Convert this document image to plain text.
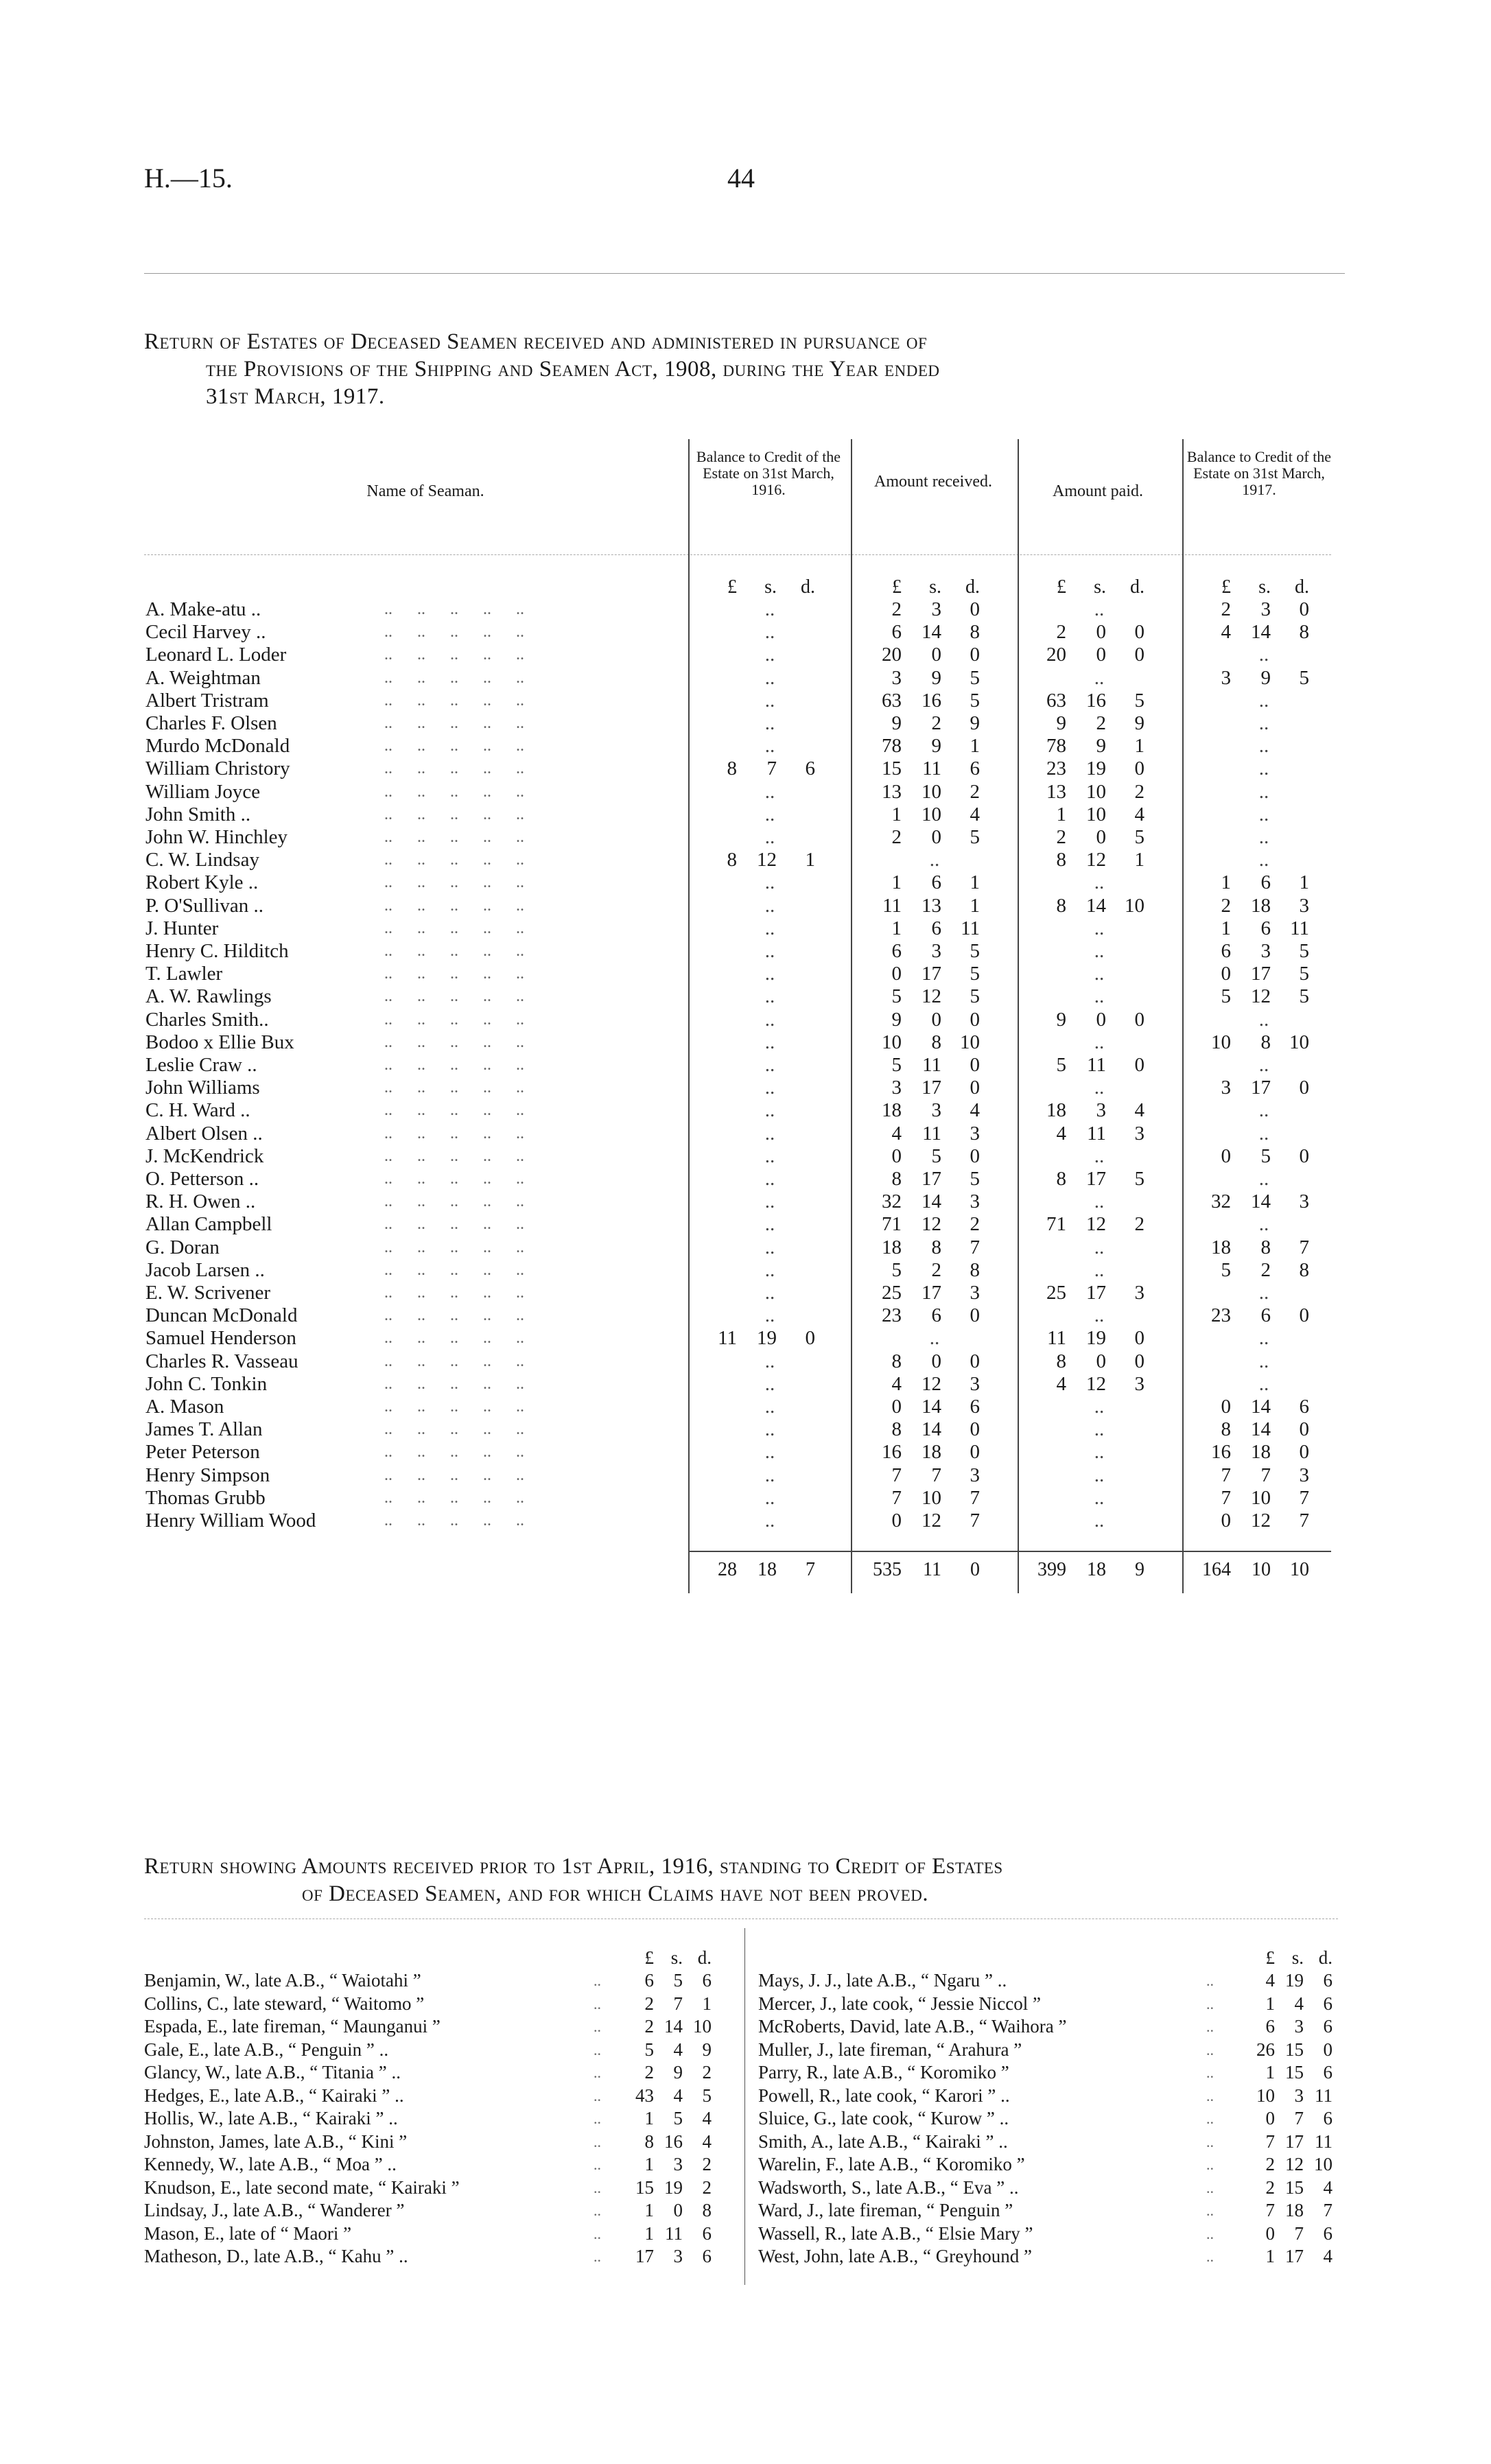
H.—15.	44
Return of Estates of Deceased Seamen received and administered in pursuance of
the Provisions of the Shipping and Seamen Act, 1908, during the Year ended
31st March, 1917.
Name of Seaman.
Balance to Credit of the Estate on 31st March, 1916.	Amount received.
Amount paid.
Balance to Credit of the Estate on 31st March, 1917.
£	s.	d.	£	s.	d.	£	s.	d.	£	s.	d.
A. Make-atu ..	..      ..      ..      ..      ..	..	2	3	0	..	2	3	0
Cecil Harvey ..	..      ..      ..      ..      ..	..	6	14	8	2	0	0	4	14	8
Leonard L. Loder	..      ..      ..      ..      ..	..	20	0	0	20	0	0	..
A. Weightman	..      ..      ..      ..      ..	..	3	9	5	..	3	9	5
Albert Tristram	..      ..      ..      ..      ..	..	63	16	5	63	16	5	..
Charles F. Olsen	..      ..      ..      ..      ..	..	9	2	9	9	2	9	..
Murdo McDonald	..      ..      ..      ..      ..	..	78	9	1	78	9	1	..
William Christory	..      ..      ..      ..      ..	8	7	6	15	11	6	23	19	0	..
William Joyce	..      ..      ..      ..      ..	..	13	10	2	13	10	2	..
John Smith ..	..      ..      ..      ..      ..	..	1	10	4	1	10	4	..
John W. Hinchley	..      ..      ..      ..      ..	..	2	0	5	2	0	5	..
C. W. Lindsay	..      ..      ..      ..      ..	8	12	1	..	8	12	1	..
Robert Kyle ..	..      ..      ..      ..      ..	..	1	6	1	..	1	6	1
P. O'Sullivan ..	..      ..      ..      ..      ..	..	11	13	1	8	14 10	2	18	3
J. Hunter	..      ..      ..      ..      ..	..	1	6 11	..	1	6 11
Henry C. Hilditch	..      ..      ..      ..      ..	..	6	3	5	..	6	3	5
T. Lawler	..      ..      ..      ..      ..	..	0	17	5	..	0	17	5
A. W. Rawlings	..      ..      ..      ..      ..	..	5	12	5	..	5	12	5
Charles Smith..	..      ..      ..      ..      ..	..	9	0	0	9	0	0	..
Bodoo x Ellie Bux	..      ..      ..      ..      ..	..	10	8 10	..	10	8 10
Leslie Craw ..	..      ..      ..      ..      ..	..	5	11	0	5	11	0	..
John Williams	..      ..      ..      ..      ..	..	3	17	0	..	3	17	0
C. H. Ward ..	..      ..      ..      ..      ..	..	18	3	4	18	3	4	..
Albert Olsen ..	..      ..      ..      ..      ..	..	4	11	3	4	11	3	..
J. McKendrick	..      ..      ..      ..      ..	..	0	5	0	..	0	5	0
O. Petterson ..	..      ..      ..      ..      ..	..	8	17	5	8	17	5	..
R. H. Owen ..	..      ..      ..      ..      ..	..	32	14	3	..	32	14	3
Allan Campbell	..      ..      ..      ..      ..	..	71	12	2	71	12	2	..
G. Doran	..      ..      ..      ..      ..	..	18	8	7	..	18	8	7
Jacob Larsen ..	..      ..      ..      ..      ..	..	5	2	8	..	5	2	8
E. W. Scrivener	..      ..      ..      ..      ..	..	25	17	3	25	17	3	..
Duncan McDonald	..      ..      ..      ..      ..	..	23	6	0	..	23	6	0
Samuel Henderson	..      ..      ..      ..      ..	11	19	0	..	11	19	0	..
Charles R. Vasseau	..      ..      ..      ..      ..	..	8	0	0	8	0	0	..
John C. Tonkin	..      ..      ..      ..      ..	..	4	12	3	4	12	3	..
A. Mason	..      ..      ..      ..      ..	..	0	14	6	..	0	14	6
James T. Allan	..      ..      ..      ..      ..	..	8	14	0	..	8	14	0
Peter Peterson	..      ..      ..      ..      ..	..	16	18	0	..	16	18	0
Henry Simpson	..      ..      ..      ..      ..	..	7	7	3	..	7	7	3
Thomas Grubb	..      ..      ..      ..      ..	..	7	10	7	..	7	10	7
Henry William Wood	..      ..      ..      ..      ..	..	0	12	7	..	0	12	7
28	18	7	535	11	0	399	18	9	164	10	10
Return showing Amounts received prior to 1st April, 1916, standing to Credit of Estates
of Deceased Seamen, and for which Claims have not been proved.
£ s. d.	£ s. d.
Benjamin, W., late A.B., “ Waiotahi ”	..	6	5	6
Collins, C., late steward, “ Waitomo ”	..	2	7	1
Espada, E., late fireman, “ Maunganui ”	..	2 14 10
Gale, E., late A.B., “ Penguin ” ..	..	5	4	9
Glancy, W., late A.B., “ Titania ” ..	..	2	9	2
Hedges, E., late A.B., “ Kairaki ” ..	..	43	4	5
Hollis, W., late A.B., “ Kairaki ” ..	..	1	5	4
Johnston, James, late A.B., “ Kini ”	..	8 16	4
Kennedy, W., late A.B., “ Moa ” ..	..	1	3	2
Knudson, E., late second mate, “ Kairaki ”	..	15 19	2
Lindsay, J., late A.B., “ Wanderer ”	..	1	0	8
Mason, E., late of “ Maori ”	..	1 11	6
Matheson, D., late A.B., “ Kahu ” ..	..	17	3	6
Mays, J. J., late A.B., “ Ngaru ” ..	..	4 19	6
Mercer, J., late cook, “ Jessie Niccol ”	..	1	4	6
McRoberts, David, late A.B., “ Waihora ”	..	6	3	6
Muller, J., late fireman, “ Arahura ”	..	26 15	0
Parry, R., late A.B., “ Koromiko ”	..	1 15	6
Powell, R., late cook, “ Karori ” ..	..	10	3 11
Sluice, G., late cook, “ Kurow ” ..	..	0	7	6
Smith, A., late A.B., “ Kairaki ” ..	..	7 17 11
Warelin, F., late A.B., “ Koromiko ”	..	2 12 10
Wadsworth, S., late A.B., “ Eva ” ..	..	2 15	4
Ward, J., late fireman, “ Penguin ”	..	7 18	7
Wassell, R., late A.B., “ Elsie Mary ”	..	0	7	6
West, John, late A.B., “ Greyhound ”	..	1 17	4
